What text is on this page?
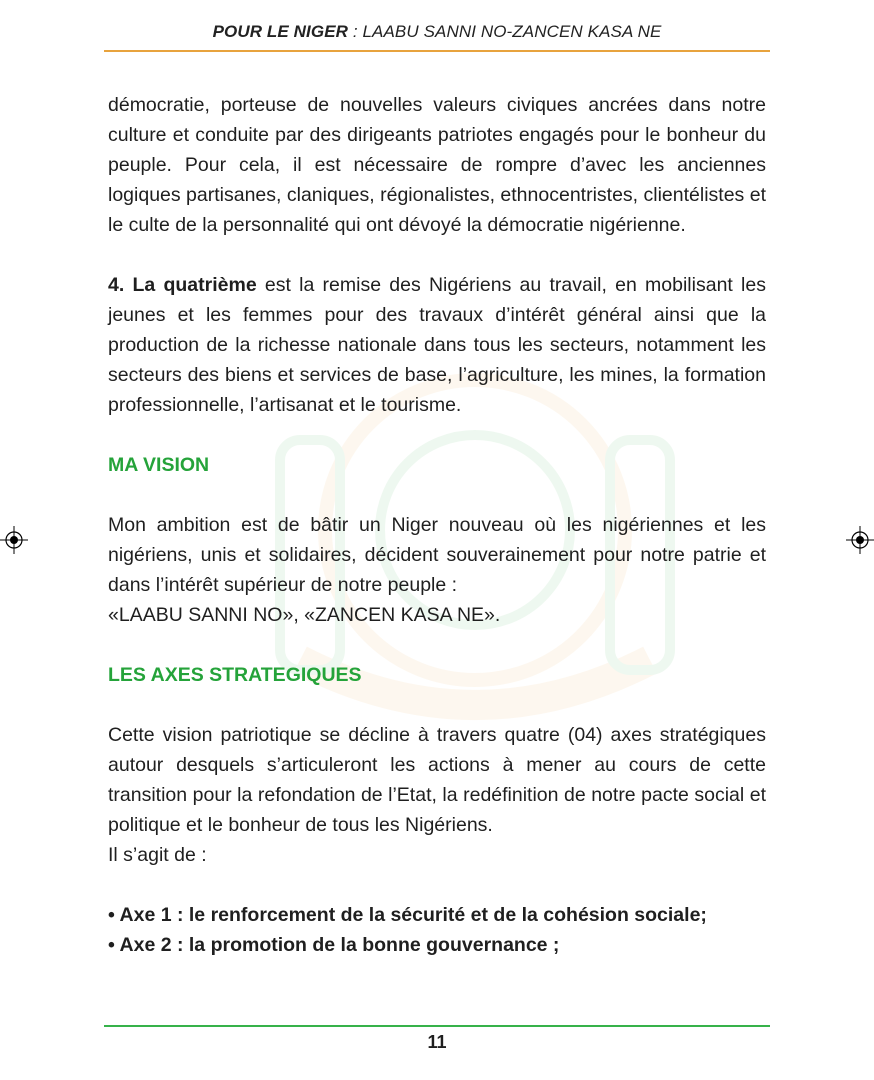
POUR LE NIGER : LAABU SANNI NO-ZANCEN KASA NE

démocratie, porteuse de nouvelles valeurs civiques ancrées dans notre culture et conduite par des dirigeants patriotes engagés pour le bonheur du peuple. Pour cela, il est nécessaire de rompre d’avec les anciennes logiques partisanes, claniques, régionalistes, ethnocentristes, clientélistes et le culte de la personnalité qui ont dévoyé la démocratie nigérienne.

4. La quatrième est la remise des Nigériens au travail, en mobilisant les jeunes et les femmes pour des travaux d’intérêt général ainsi que la production de la richesse nationale dans tous les secteurs, notamment les secteurs des biens et services de base, l’agriculture, les mines, la formation professionnelle, l’artisanat et le tourisme.

MA VISION

Mon ambition est de bâtir un Niger nouveau où les nigériennes et les nigériens, unis et solidaires, décident souverainement pour notre patrie et dans l’intérêt supérieur de notre peuple :
«LAABU SANNI NO», «ZANCEN KASA NE».

LES AXES STRATEGIQUES

Cette vision patriotique se décline à travers quatre (04) axes stratégiques autour desquels s’articuleront les actions à mener au cours de cette transition pour la refondation de l’Etat, la redéfinition de notre pacte social et politique et le bonheur de tous les Nigériens.

Il s’agit de :

• Axe 1 : le renforcement de la sécurité et de la cohésion sociale;

• Axe 2 : la promotion de la bonne gouvernance ;

11
